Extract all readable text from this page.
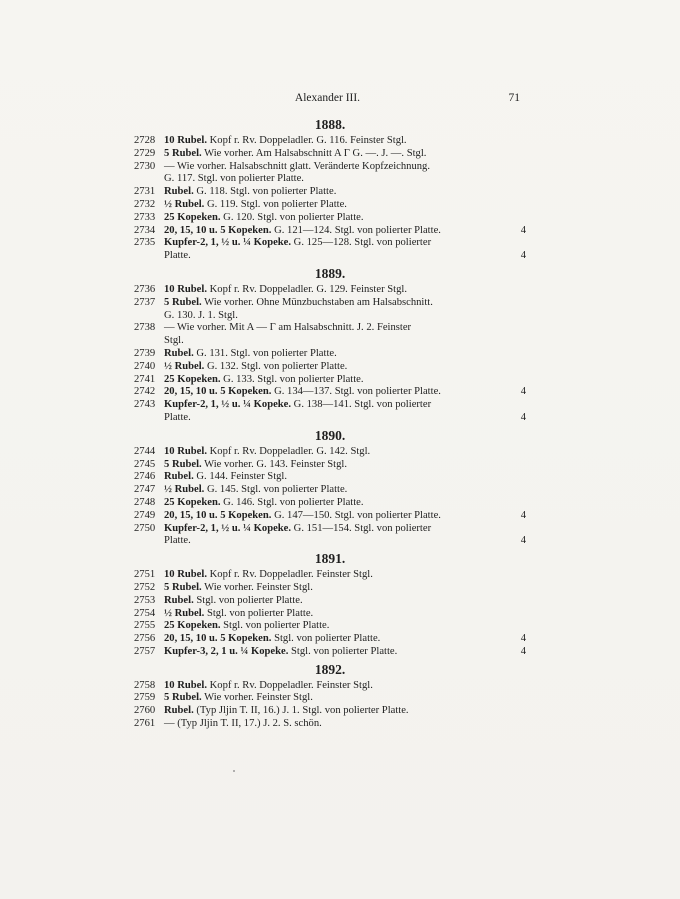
Alexander III.	71
1888.
2728 10 Rubel. Kopf r. Rv. Doppeladler. G. 116. Feinster Stgl.
2729 5 Rubel. Wie vorher. Am Halsabschnitt A Г G. —. J. —. Stgl.
2730 — Wie vorher. Halsabschnitt glatt. Veränderte Kopfzeichnung.
G. 117. Stgl. von polierter Platte.
2731 Rubel. G. 118. Stgl. von polierter Platte.
2732 ½ Rubel. G. 119. Stgl. von polierter Platte.
2733 25 Kopeken. G. 120. Stgl. von polierter Platte.
4
2734 20, 15, 10 u. 5 Kopeken. G. 121—124. Stgl. von polierter Platte.
2735 Kupfer-2, 1, ½ u. ¼ Kopeke. G. 125—128. Stgl. von polierter
4
Platte.
1889.
2736 10 Rubel. Kopf r. Rv. Doppeladler. G. 129. Feinster Stgl.
2737 5 Rubel. Wie vorher. Ohne Münzbuchstaben am Halsabschnitt.
G. 130. J. 1. Stgl.
2738 — Wie vorher. Mit A — Г am Halsabschnitt. J. 2. Feinster
Stgl.
2739 Rubel. G. 131. Stgl. von polierter Platte.
2740 ½ Rubel. G. 132. Stgl. von polierter Platte.
2741 25 Kopeken. G. 133. Stgl. von polierter Platte.
4
2742 20, 15, 10 u. 5 Kopeken. G. 134—137. Stgl. von polierter Platte.
2743 Kupfer-2, 1, ½ u. ¼ Kopeke. G. 138—141. Stgl. von polierter
4
Platte.
1890.
2744 10 Rubel. Kopf r. Rv. Doppeladler. G. 142. Stgl.
2745 5 Rubel. Wie vorher. G. 143. Feinster Stgl.
2746 Rubel. G. 144. Feinster Stgl.
2747 ½ Rubel. G. 145. Stgl. von polierter Platte.
2748 25 Kopeken. G. 146. Stgl. von polierter Platte.
4
2749 20, 15, 10 u. 5 Kopeken. G. 147—150. Stgl. von polierter Platte.
2750 Kupfer-2, 1, ½ u. ¼ Kopeke. G. 151—154. Stgl. von polierter
4
Platte.
1891.
2751 10 Rubel. Kopf r. Rv. Doppeladler. Feinster Stgl.
2752 5 Rubel. Wie vorher. Feinster Stgl.
2753 Rubel. Stgl. von polierter Platte.
2754 ½ Rubel. Stgl. von polierter Platte.
2755 25 Kopeken. Stgl. von polierter Platte.
4
2756 20, 15, 10 u. 5 Kopeken. Stgl. von polierter Platte.
4
2757 Kupfer-3, 2, 1 u. ¼ Kopeke. Stgl. von polierter Platte.
1892.
2758 10 Rubel. Kopf r. Rv. Doppeladler. Feinster Stgl.
2759 5 Rubel. Wie vorher. Feinster Stgl.
2760 Rubel. (Typ Jljin T. II, 16.) J. 1. Stgl. von polierter Platte.
2761 — (Typ Jljin T. II, 17.) J. 2. S. schön.
